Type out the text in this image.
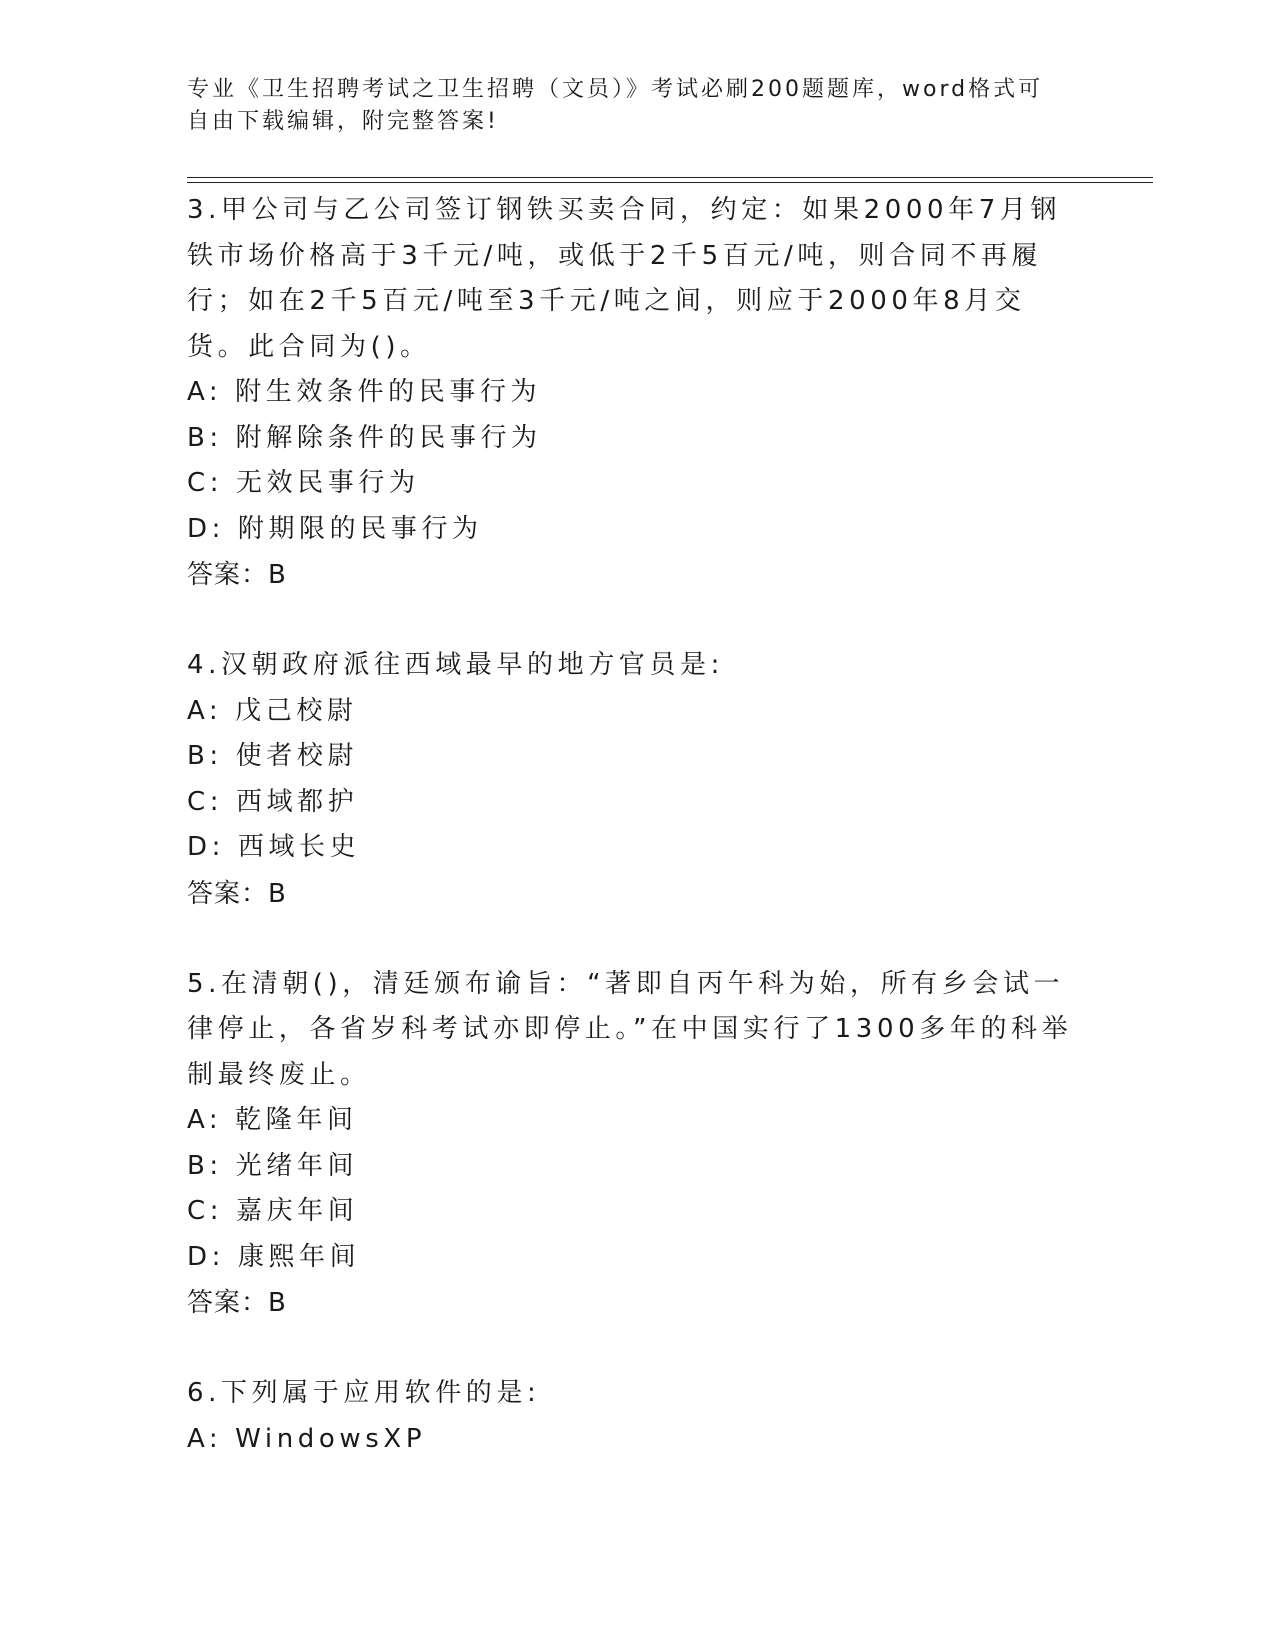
专业《卫生招聘考试之卫生招聘（文员）》考试必刷200题题库，word格式可自由下载编辑，附完整答案!

3.甲公司与乙公司签订钢铁买卖合同，约定：如果2000年7月钢铁市场价格高于3千元/吨，或低于2千5百元/吨，则合同不再履行；如在2千5百元/吨至3千元/吨之间，则应于2000年8月交货。此合同为()。

A: 附生效条件的民事行为

B: 附解除条件的民事行为

C: 无效民事行为

D: 附期限的民事行为

答案：B

4.汉朝政府派往西域最早的地方官员是:

A: 戊己校尉

B: 使者校尉

C: 西域都护

D: 西域长史

答案：B

5.在清朝()，清廷颁布谕旨：“著即自丙午科为始，所有乡会试一律停止，各省岁科考试亦即停止。”在中国实行了1300多年的科举制最终废止。

A: 乾隆年间

B: 光绪年间

C: 嘉庆年间

D: 康熙年间

答案：B

6.下列属于应用软件的是:

A: WindowsXP
